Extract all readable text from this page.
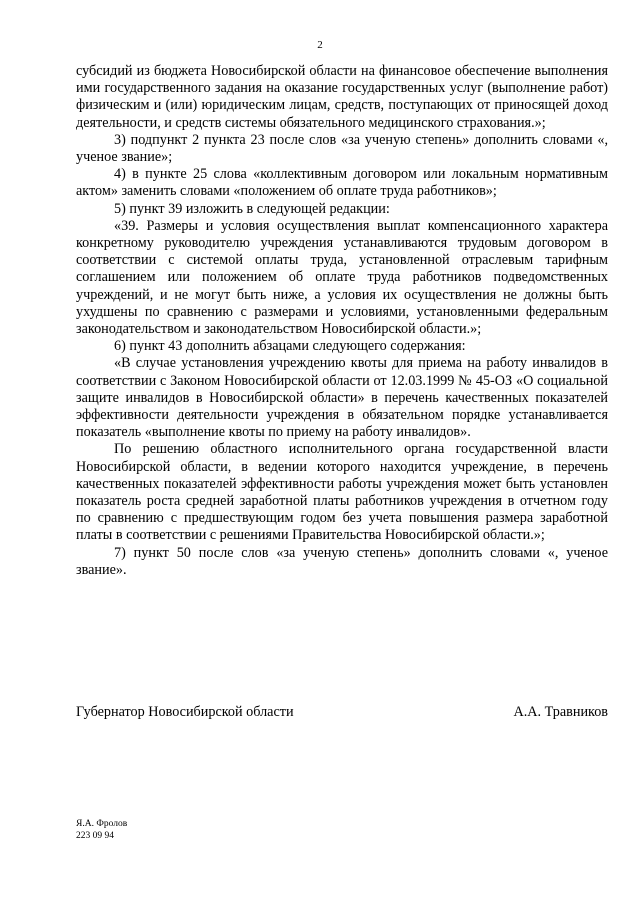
2

субсидий из бюджета Новосибирской области на финансовое обеспечение выполнения ими государственного задания на оказание государственных услуг (выполнение работ) физическим и (или) юридическим лицам, средств, поступающих от приносящей доход деятельности, и средств системы обязательного медицинского страхования.»;

3) подпункт 2 пункта 23 после слов «за ученую степень» дополнить словами «, ученое звание»;

4) в пункте 25 слова «коллективным договором или локальным нормативным актом» заменить словами «положением об оплате труда работников»;

5) пункт 39 изложить в следующей редакции:

«39. Размеры и условия осуществления выплат компенсационного характера конкретному руководителю учреждения устанавливаются трудовым договором в соответствии с системой оплаты труда, установленной отраслевым тарифным соглашением или положением об оплате труда работников подведомственных учреждений, и не могут быть ниже, а условия их осуществления не должны быть ухудшены по сравнению с размерами и условиями, установленными федеральным законодательством и законодательством Новосибирской области.»;

6) пункт 43 дополнить абзацами следующего содержания:

«В случае установления учреждению квоты для приема на работу инвалидов в соответствии с Законом Новосибирской области от 12.03.1999 № 45-ОЗ «О социальной защите инвалидов в Новосибирской области» в перечень качественных показателей эффективности деятельности учреждения в обязательном порядке устанавливается показатель «выполнение квоты по приему на работу инвалидов».

По решению областного исполнительного органа государственной власти Новосибирской области, в ведении которого находится учреждение, в перечень качественных показателей эффективности работы учреждения может быть установлен показатель роста средней заработной платы работников учреждения в отчетном году по сравнению с предшествующим годом без учета повышения размера заработной платы в соответствии с решениями Правительства Новосибирской области.»;

7) пункт 50 после слов «за ученую степень» дополнить словами «, ученое звание».

Губернатор Новосибирской области	А.А. Травников
Я.А. Фролов
223 09 94
